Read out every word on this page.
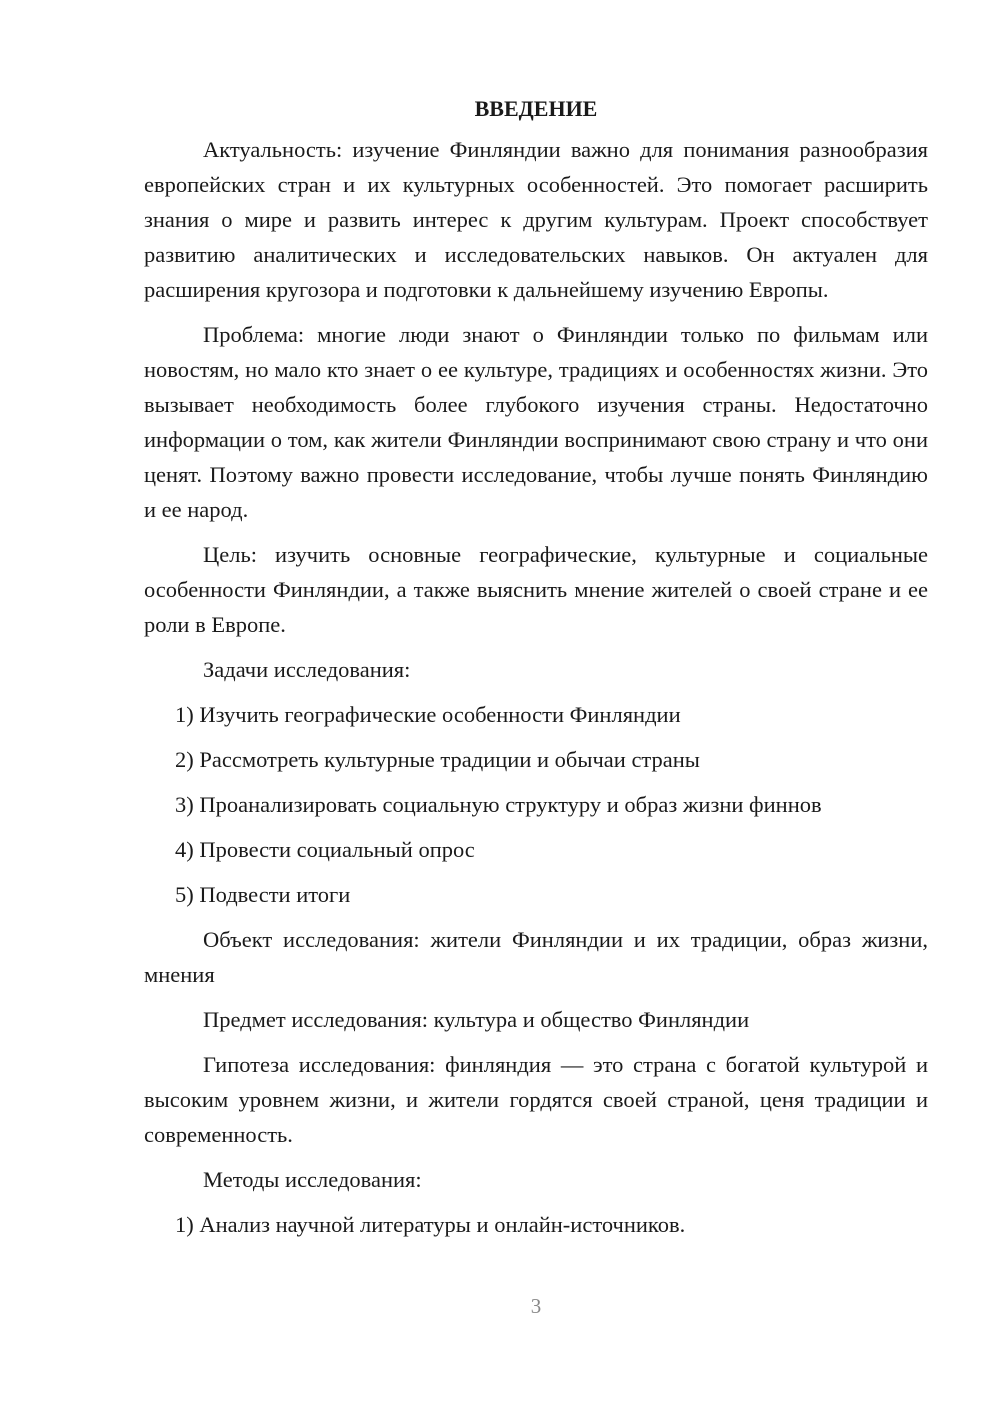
ВВЕДЕНИЕ

Актуальность: изучение Финляндии важно для понимания разнообразия европейских стран и их культурных особенностей. Это помогает расширить знания о мире и развить интерес к другим культурам. Проект способствует развитию аналитических и исследовательских навыков. Он актуален для расширения кругозора и подготовки к дальнейшему изучению Европы.

Проблема: многие люди знают о Финляндии только по фильмам или новостям, но мало кто знает о ее культуре, традициях и особенностях жизни. Это вызывает необходимость более глубокого изучения страны. Недостаточно информации о том, как жители Финляндии воспринимают свою страну и что они ценят. Поэтому важно провести исследование, чтобы лучше понять Финляндию и ее народ.

Цель: изучить основные географические, культурные и социальные особенности Финляндии, а также выяснить мнение жителей о своей стране и ее роли в Европе.

Задачи исследования:

1) Изучить географические особенности Финляндии
2) Рассмотреть культурные традиции и обычаи страны
3) Проанализировать социальную структуру и образ жизни финнов
4) Провести социальный опрос
5) Подвести итоги

Объект исследования: жители Финляндии и их традиции, образ жизни, мнения

Предмет исследования: культура и общество Финляндии

Гипотеза исследования: финляндия — это страна с богатой культурой и высоким уровнем жизни, и жители гордятся своей страной, ценя традиции и современность.

Методы исследования:

1) Анализ научной литературы и онлайн-источников.
3
